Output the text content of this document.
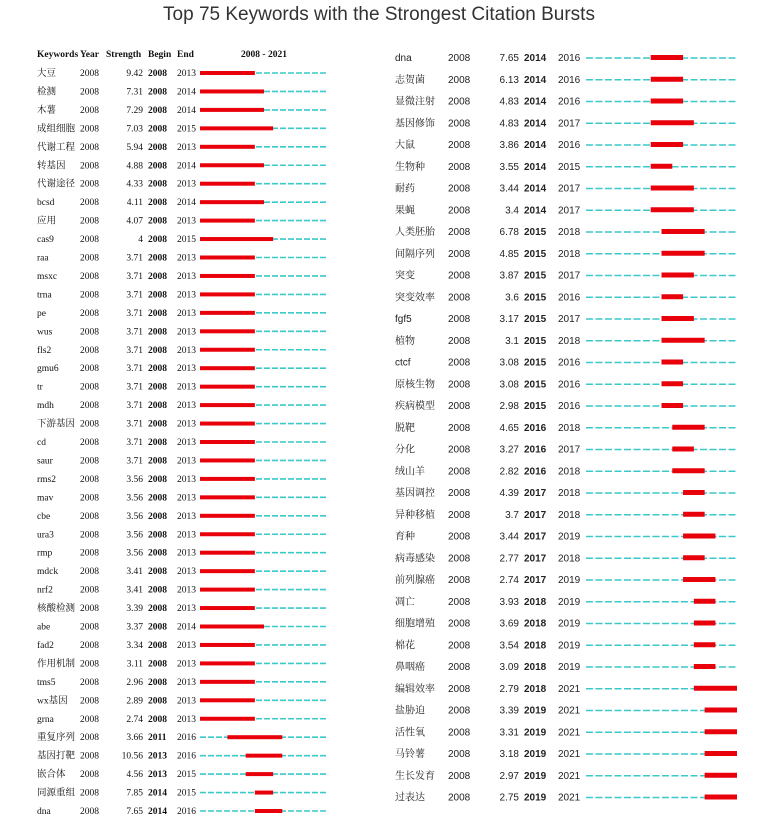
Top 75 Keywords with the Strongest Citation Bursts
Keywords Year Strength Begin End	2008 - 2021
大豆	2008	9.42 2008 2013
检测	2008	7.31 2008 2014
木薯	2008	7.29 2008 2014
成组细胞 2008	7.03 2008 2015
代谢工程 2008	5.94 2008 2013
转基因 2008	4.88 2008 2014
代谢途径 2008	4.33 2008 2013
bcsd	2008	4.11 2008 2014
应用	2008	4.07 2008 2013
cas9	2008	4 2008 2015
raa	2008	3.71 2008 2013
msxc 2008	3.71 2008 2013
trna	2008	3.71 2008 2013
pe	2008	3.71 2008 2013
wus	2008	3.71 2008 2013
fls2	2008	3.71 2008 2013
gmu6 2008	3.71 2008 2013
tr	2008	3.71 2008 2013
mdh	2008	3.71 2008 2013
下游基因 2008	3.71 2008 2013
cd	2008	3.71 2008 2013
saur	2008	3.71 2008 2013
rms2	2008	3.56 2008 2013
mav	2008	3.56 2008 2013
cbe	2008	3.56 2008 2013
ura3	2008	3.56 2008 2013
rmp	2008	3.56 2008 2013
mdck 2008	3.41 2008 2013
nrf2	2008	3.41 2008 2013
核酸检测 2008	3.39 2008 2013
abe	2008	3.37 2008 2014
fad2	2008	3.34 2008 2013
作用机制 2008	3.11 2008 2013
tms5	2008	2.96 2008 2013
wx基因 2008	2.89 2008 2013
grna	2008	2.74 2008 2013
重复序列 2008	3.66 2011 2016
基因打靶 2008 10.56 2013 2016
嵌合体 2008	4.56 2013 2015
同源重组 2008	7.85 2014 2015
dna	2008	7.65 2014 2016
dna	2008	7.65 2014 2016
志贺菌 2008	6.13 2014 2016
显微注射 2008	4.83 2014 2016
基因修饰 2008	4.83 2014 2017
大鼠	2008	3.86 2014 2016
生物种 2008	3.55 2014 2015
耐药	2008	3.44 2014 2017
果蝇	2008	3.4 2014 2017
人类胚胎 2008	6.78 2015 2018
间隔序列 2008	4.85 2015 2018
突变	2008	3.87 2015 2017
突变效率 2008	3.6 2015 2016
fgf5	2008	3.17 2015 2017
植物	2008	3.1 2015 2018
ctcf	2008	3.08 2015 2016
原核生物 2008	3.08 2015 2016
疾病模型 2008	2.98 2015 2016
脱靶	2008	4.65 2016 2018
分化	2008	3.27 2016 2017
绒山羊 2008	2.82 2016 2018
基因调控 2008	4.39 2017 2018
异种移植 2008	3.7 2017 2018
育种	2008	3.44 2017 2019
病毒感染 2008	2.77 2017 2018
前列腺癌 2008	2.74 2017 2019
凋亡	2008	3.93 2018 2019
细胞增殖 2008	3.69 2018 2019
棉花	2008	3.54 2018 2019
鼻咽癌 2008	3.09 2018 2019
编辑效率 2008	2.79 2018 2021
盐胁迫 2008	3.39 2019 2021
活性氧 2008	3.31 2019 2021
马铃薯 2008	3.18 2019 2021
生长发育 2008	2.97 2019 2021
过表达 2008	2.75 2019 2021
